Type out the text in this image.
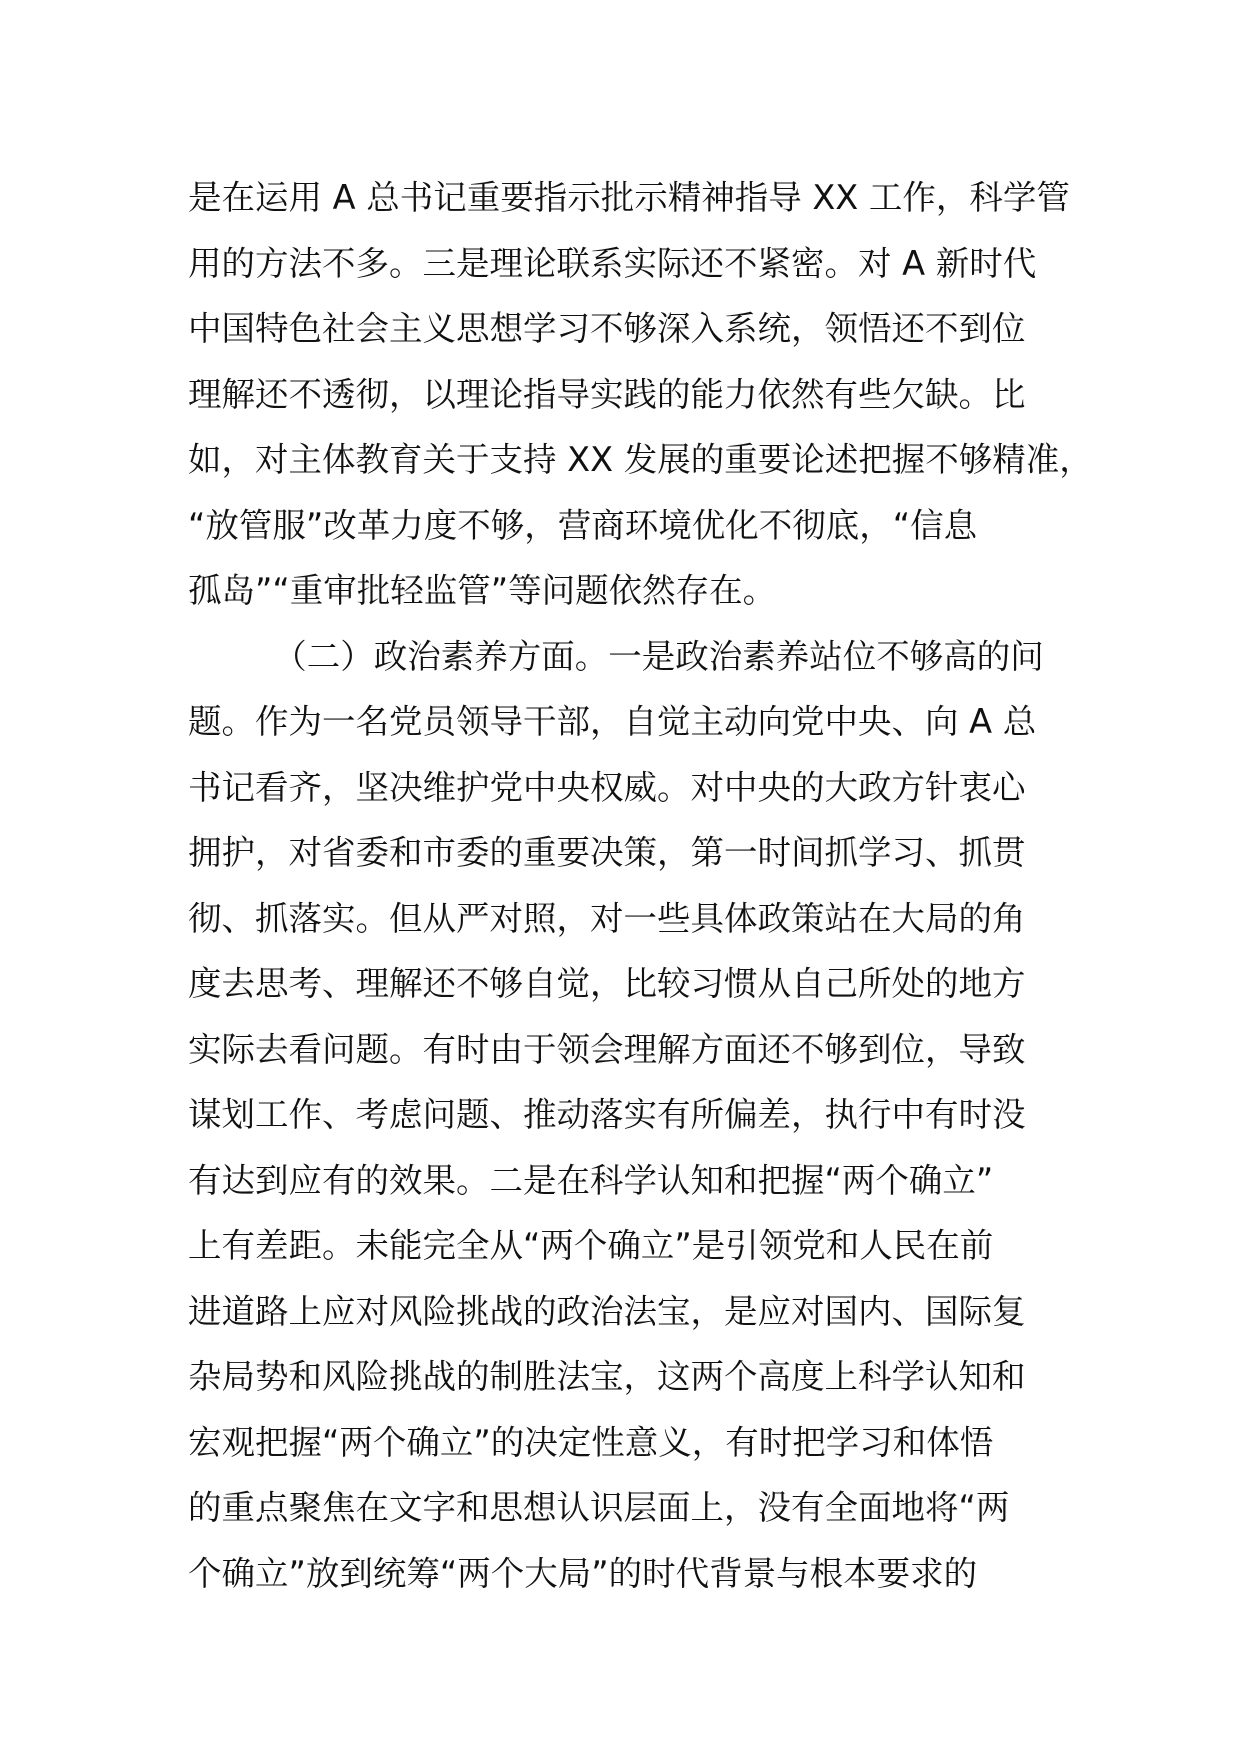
是在运用 A 总书记重要指示批示精神指导 XX 工作，科学管
用的方法不多。三是理论联系实际还不紧密。对 A 新时代
中国特色社会主义思想学习不够深入系统，领悟还不到位
理解还不透彻，以理论指导实践的能力依然有些欠缺。比
如，对主体教育关于支持 XX 发展的重要论述把握不够精准，
“放管服”改革力度不够，营商环境优化不彻底，“信息
孤岛”“重审批轻监管”等问题依然存在。
（二）政治素养方面。一是政治素养站位不够高的问
题。作为一名党员领导干部，自觉主动向党中央、向 A 总
书记看齐，坚决维护党中央权威。对中央的大政方针衷心
拥护，对省委和市委的重要决策，第一时间抓学习、抓贯
彻、抓落实。但从严对照，对一些具体政策站在大局的角
度去思考、理解还不够自觉，比较习惯从自己所处的地方
实际去看问题。有时由于领会理解方面还不够到位，导致
谋划工作、考虑问题、推动落实有所偏差，执行中有时没
有达到应有的效果。二是在科学认知和把握“两个确立”
上有差距。未能完全从“两个确立”是引领党和人民在前
进道路上应对风险挑战的政治法宝，是应对国内、国际复
杂局势和风险挑战的制胜法宝，这两个高度上科学认知和
宏观把握“两个确立”的决定性意义，有时把学习和体悟
的重点聚焦在文字和思想认识层面上，没有全面地将“两
个确立”放到统筹“两个大局”的时代背景与根本要求的
